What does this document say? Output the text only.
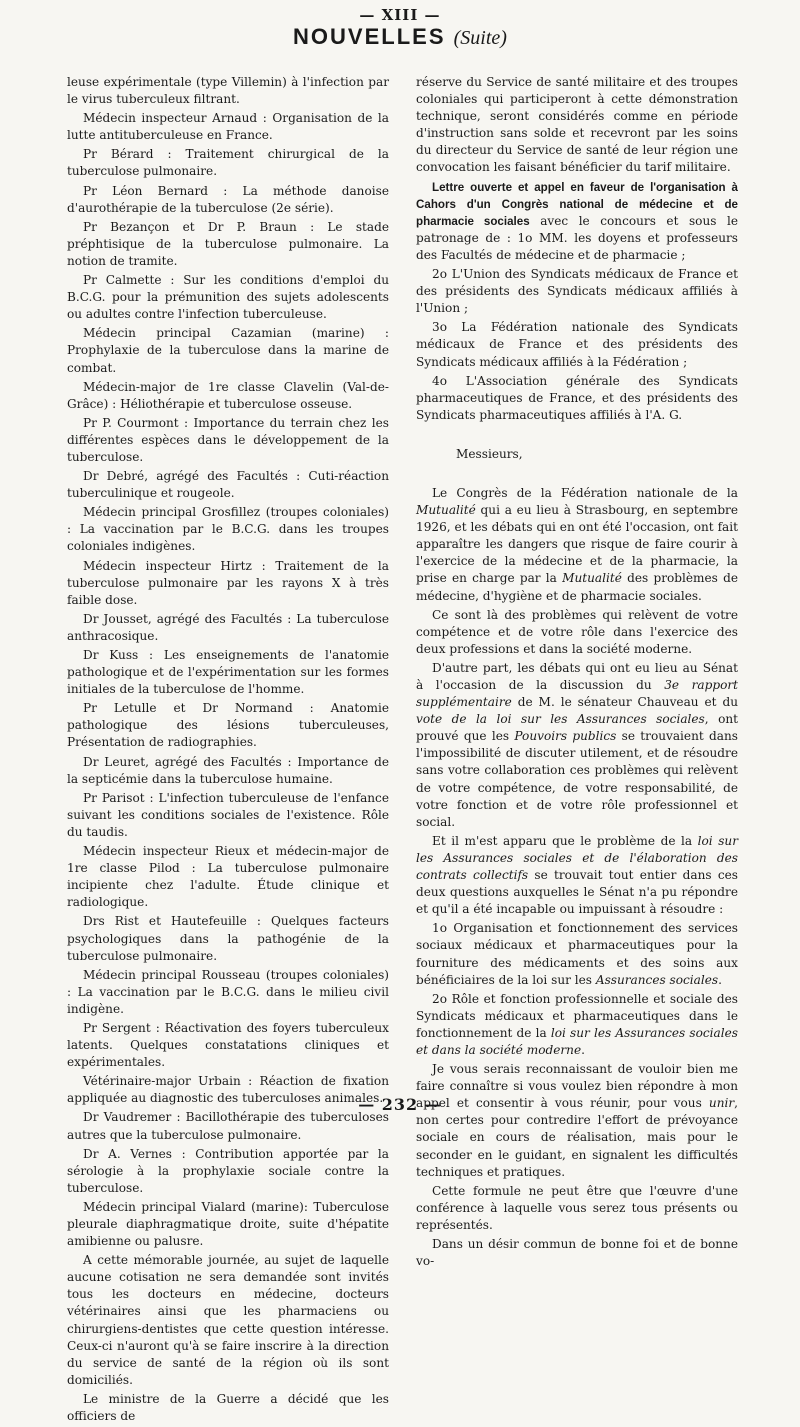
— XIII —
NOUVELLES (Suite)

leuse expérimentale (type Villemin) à l'infection par le virus tuberculeux filtrant.

Médecin inspecteur Arnaud : Organisation de la lutte antituberculeuse en France.

Pr Bérard : Traitement chirurgical de la tuberculose pulmonaire.

Pr Léon Bernard : La méthode danoise d'aurothérapie de la tuberculose (2e série).

Pr Bezançon et Dr P. Braun : Le stade préphtisique de la tuberculose pulmonaire. La notion de tramite.

Pr Calmette : Sur les conditions d'emploi du B.C.G. pour la prémunition des sujets adolescents ou adultes contre l'infection tuberculeuse.

Médecin principal Cazamian (marine) : Prophylaxie de la tuberculose dans la marine de combat.

Médecin-major de 1re classe Clavelin (Val-de-Grâce) : Héliothérapie et tuberculose osseuse.

Pr P. Courmont : Importance du terrain chez les différentes espèces dans le développement de la tuberculose.

Dr Debré, agrégé des Facultés : Cuti-réaction tuberculinique et rougeole.

Médecin principal Grosfillez (troupes coloniales) : La vaccination par le B.C.G. dans les troupes coloniales indigènes.

Médecin inspecteur Hirtz : Traitement de la tuberculose pulmonaire par les rayons X à très faible dose.

Dr Jousset, agrégé des Facultés : La tuberculose anthracosique.

Dr Kuss : Les enseignements de l'anatomie pathologique et de l'expérimentation sur les formes initiales de la tuberculose de l'homme.

Pr Letulle et Dr Normand : Anatomie pathologique des lésions tuberculeuses, Présentation de radiographies.

Dr Leuret, agrégé des Facultés : Importance de la septicémie dans la tuberculose humaine.

Pr Parisot : L'infection tuberculeuse de l'enfance suivant les conditions sociales de l'existence. Rôle du taudis.

Médecin inspecteur Rieux et médecin-major de 1re classe Pilod : La tuberculose pulmonaire incipiente chez l'adulte. Étude clinique et radiologique.

Drs Rist et Hautefeuille : Quelques facteurs psychologiques dans la pathogénie de la tuberculose pulmonaire.

Médecin principal Rousseau (troupes coloniales) : La vaccination par le B.C.G. dans le milieu civil indigène.

Pr Sergent : Réactivation des foyers tuberculeux latents. Quelques constatations cliniques et expérimentales.

Vétérinaire-major Urbain : Réaction de fixation appliquée au diagnostic des tuberculoses animales.

Dr Vaudremer : Bacillothérapie des tuberculoses autres que la tuberculose pulmonaire.

Dr A. Vernes : Contribution apportée par la sérologie à la prophylaxie sociale contre la tuberculose.

Médecin principal Vialard (marine): Tuberculose pleurale diaphragmatique droite, suite d'hépatite amibienne ou palusre.

A cette mémorable journée, au sujet de laquelle aucune cotisation ne sera demandée sont invités tous les docteurs en médecine, docteurs vétérinaires ainsi que les pharmaciens ou chirurgiens-dentistes que cette question intéresse. Ceux-ci n'auront qu'à se faire inscrire à la direction du service de santé de la région où ils sont domiciliés.

Le ministre de la Guerre a décidé que les officiers de

réserve du Service de santé militaire et des troupes coloniales qui participeront à cette démonstration technique, seront considérés comme en période d'instruction sans solde et recevront par les soins du directeur du Service de santé de leur région une convocation les faisant bénéficier du tarif militaire.

Lettre ouverte et appel en faveur de l'organisation à Cahors d'un Congrès national de médecine et de pharmacie sociales avec le concours et sous le patronage de : 1o MM. les doyens et professeurs des Facultés de médecine et de pharmacie ;

2o L'Union des Syndicats médicaux de France et des présidents des Syndicats médicaux affiliés à l'Union ;

3o La Fédération nationale des Syndicats médicaux de France et des présidents des Syndicats médicaux affiliés à la Fédération ;

4o L'Association générale des Syndicats pharmaceutiques de France, et des présidents des Syndicats pharmaceutiques affiliés à l'A. G.

Messieurs,

Le Congrès de la Fédération nationale de la Mutualité qui a eu lieu à Strasbourg, en septembre 1926, et les débats qui en ont été l'occasion, ont fait apparaître les dangers que risque de faire courir à l'exercice de la médecine et de la pharmacie, la prise en charge par la Mutualité des problèmes de médecine, d'hygiène et de pharmacie sociales.

Ce sont là des problèmes qui relèvent de votre compétence et de votre rôle dans l'exercice des deux professions et dans la société moderne.

D'autre part, les débats qui ont eu lieu au Sénat à l'occasion de la discussion du 3e rapport supplémentaire de M. le sénateur Chauveau et du vote de la loi sur les Assurances sociales, ont prouvé que les Pouvoirs publics se trouvaient dans l'impossibilité de discuter utilement, et de résoudre sans votre collaboration ces problèmes qui relèvent de votre compétence, de votre responsabilité, de votre fonction et de votre rôle professionnel et social.

Et il m'est apparu que le problème de la loi sur les Assurances sociales et de l'élaboration des contrats collectifs se trouvait tout entier dans ces deux questions auxquelles le Sénat n'a pu répondre et qu'il a été incapable ou impuissant à résoudre :

1o Organisation et fonctionnement des services sociaux médicaux et pharmaceutiques pour la fourniture des médicaments et des soins aux bénéficiaires de la loi sur les Assurances sociales.

2o Rôle et fonction professionnelle et sociale des Syndicats médicaux et pharmaceutiques dans le fonctionnement de la loi sur les Assurances sociales et dans la société moderne.

Je vous serais reconnaissant de vouloir bien me faire connaître si vous voulez bien répondre à mon appel et consentir à vous réunir, pour vous unir, non certes pour contredire l'effort de prévoyance sociale en cours de réalisation, mais pour le seconder en le guidant, en signalent les difficultés techniques et pratiques.

Cette formule ne peut être que l'œuvre d'une conférence à laquelle vous serez tous présents ou représentés.

Dans un désir commun de bonne foi et de bonne vo-

— 232 —
